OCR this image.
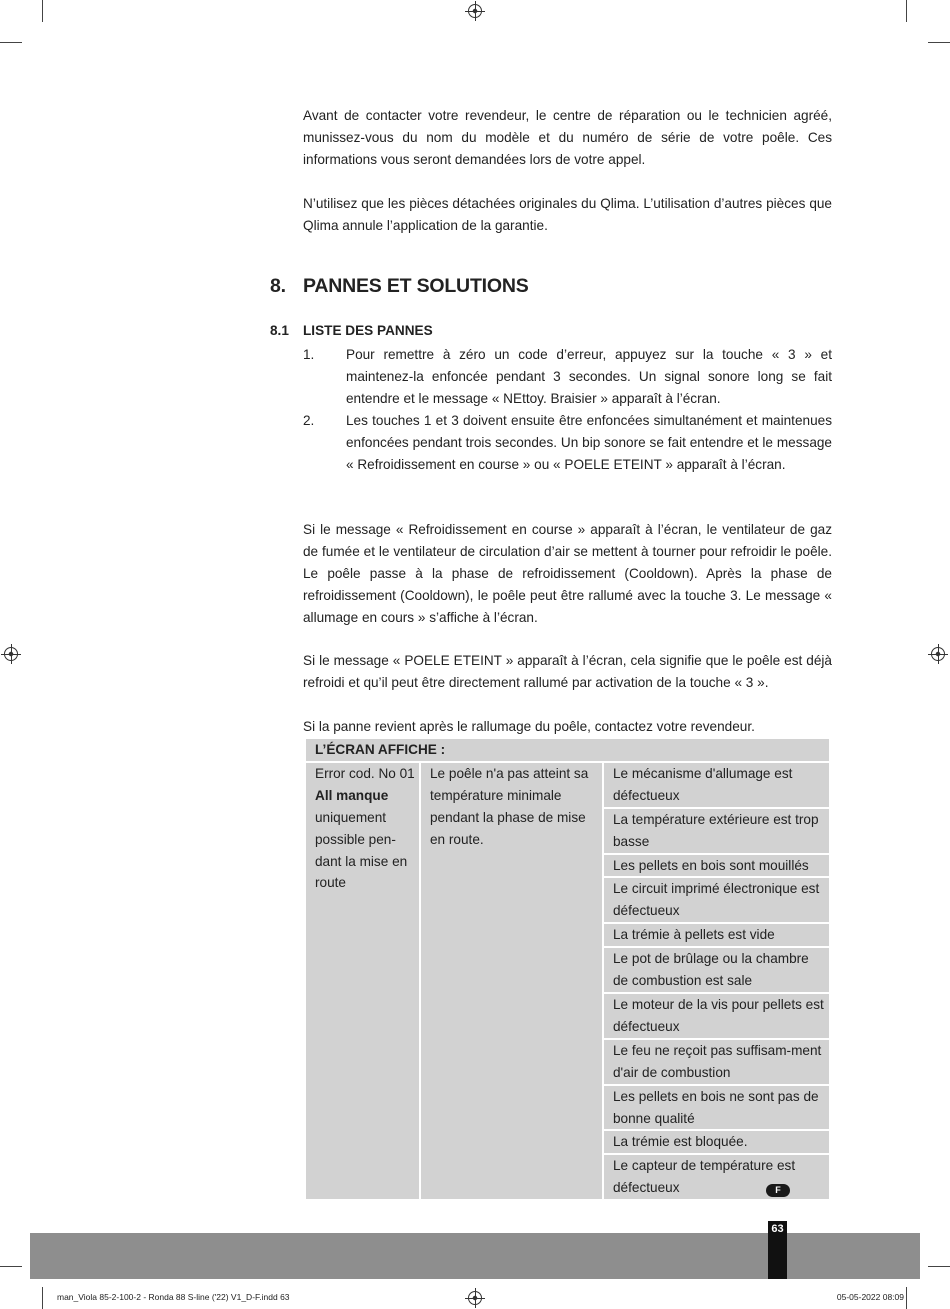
Avant de contacter votre revendeur, le centre de réparation ou le technicien agréé, munissez-vous du nom du modèle et du numéro de série de votre poêle. Ces informations vous seront demandées lors de votre appel.

N’utilisez que les pièces détachées originales du Qlima. L’utilisation d’autres pièces que Qlima annule l’application de la garantie.

8. PANNES ET SOLUTIONS
8.1 LISTE DES PANNES
1. Pour remettre à zéro un code d’erreur, appuyez sur la touche « 3 » et maintenez-la enfoncée pendant 3 secondes. Un signal sonore long se fait entendre et le message « NEttoy. Braisier » apparaît à l’écran.
2. Les touches 1 et 3 doivent ensuite être enfoncées simultanément et maintenues enfoncées pendant trois secondes. Un bip sonore se fait entendre et le message « Refroidissement en course » ou « POELE ETEINT » apparaît à l’écran.

Si le message « Refroidissement en course » apparaît à l’écran, le ventilateur de gaz de fumée et le ventilateur de circulation d’air se mettent à tourner pour refroidir le poêle. Le poêle passe à la phase de refroidissement (Cooldown). Après la phase de refroidissement (Cooldown), le poêle peut être rallumé avec la touche 3. Le message « allumage en cours » s’affiche à l’écran.

Si le message « POELE ETEINT » apparaît à l’écran, cela signifie que le poêle est déjà refroidi et qu’il peut être directement rallumé par activation de la touche « 3 ».

Si la panne revient après le rallumage du poêle, contactez votre revendeur.

L’ÉCRAN AFFICHE :

Error cod. No 01
All manque
uniquement possible pen-dant la mise en route
	Le poêle n'a pas atteint sa température minimale pendant la phase de mise en route.	Le mécanisme d'allumage est défectueux
La température extérieure est trop basse
Les pellets en bois sont mouillés
Le circuit imprimé électronique est défectueux
La trémie à pellets est vide
Le pot de brûlage ou la chambre de combustion est sale
Le moteur de la vis pour pellets est défectueux
Le feu ne reçoit pas suffisam-ment d'air de combustion
Les pellets en bois ne sont pas de bonne qualité
La trémie est bloquée.
Le capteur de température est défectueux	F
63
man_Viola 85-2-100-2 - Ronda 88 S-line ('22) V1_D-F.indd 63	05-05-2022 08:09
